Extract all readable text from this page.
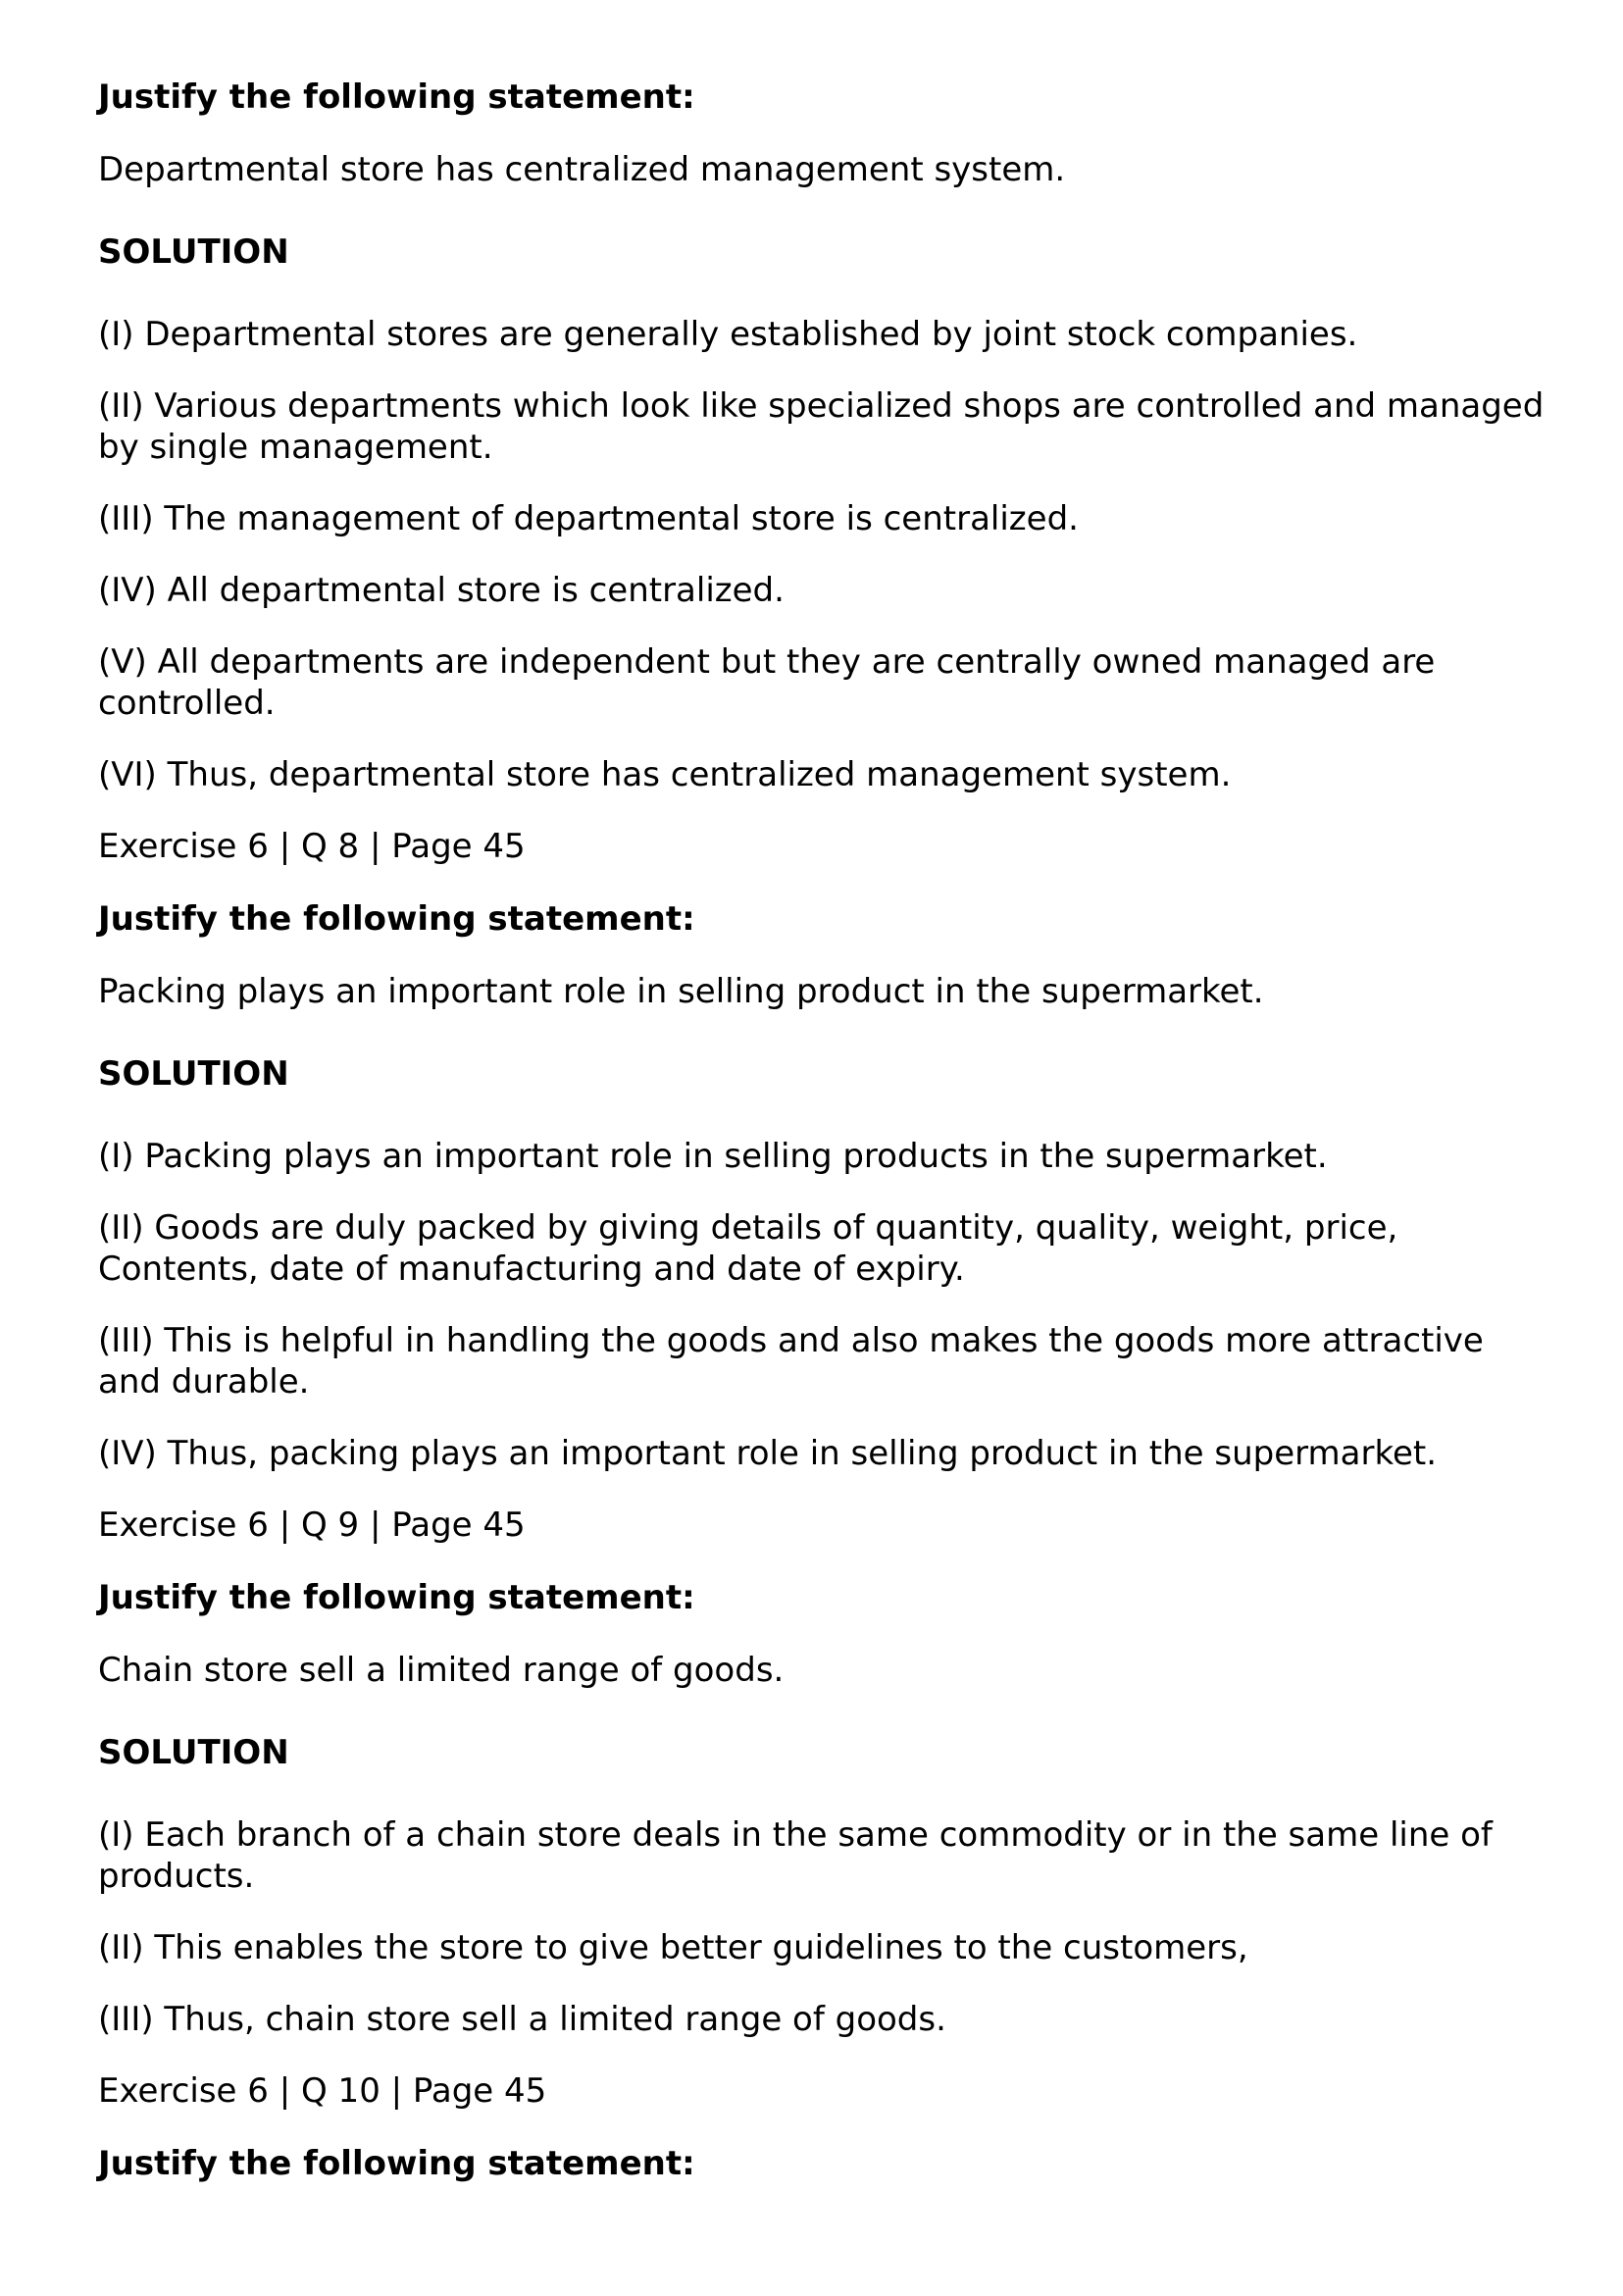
Justify the following statement:

Departmental store has centralized management system.

SOLUTION

(I) Departmental stores are generally established by joint stock companies.

(II) Various departments which look like specialized shops are controlled and managed by single management.

(III) The management of departmental store is centralized.

(IV) All departmental store is centralized.

(V) All departments are independent but they are centrally owned managed are controlled.

(VI) Thus, departmental store has centralized management system.

Exercise 6 | Q 8 | Page 45

Justify the following statement:

Packing plays an important role in selling product in the supermarket.

SOLUTION

(I) Packing plays an important role in selling products in the supermarket.

(II) Goods are duly packed by giving details of quantity, quality, weight, price, Contents, date of manufacturing and date of expiry.

(III) This is helpful in handling the goods and also makes the goods more attractive and durable.

(IV) Thus, packing plays an important role in selling product in the supermarket.

Exercise 6 | Q 9 | Page 45

Justify the following statement:

Chain store sell a limited range of goods.

SOLUTION

(I) Each branch of a chain store deals in the same commodity or in the same line of products.

(II) This enables the store to give better guidelines to the customers,

(III) Thus, chain store sell a limited range of goods.

Exercise 6 | Q 10 | Page 45

Justify the following statement:
